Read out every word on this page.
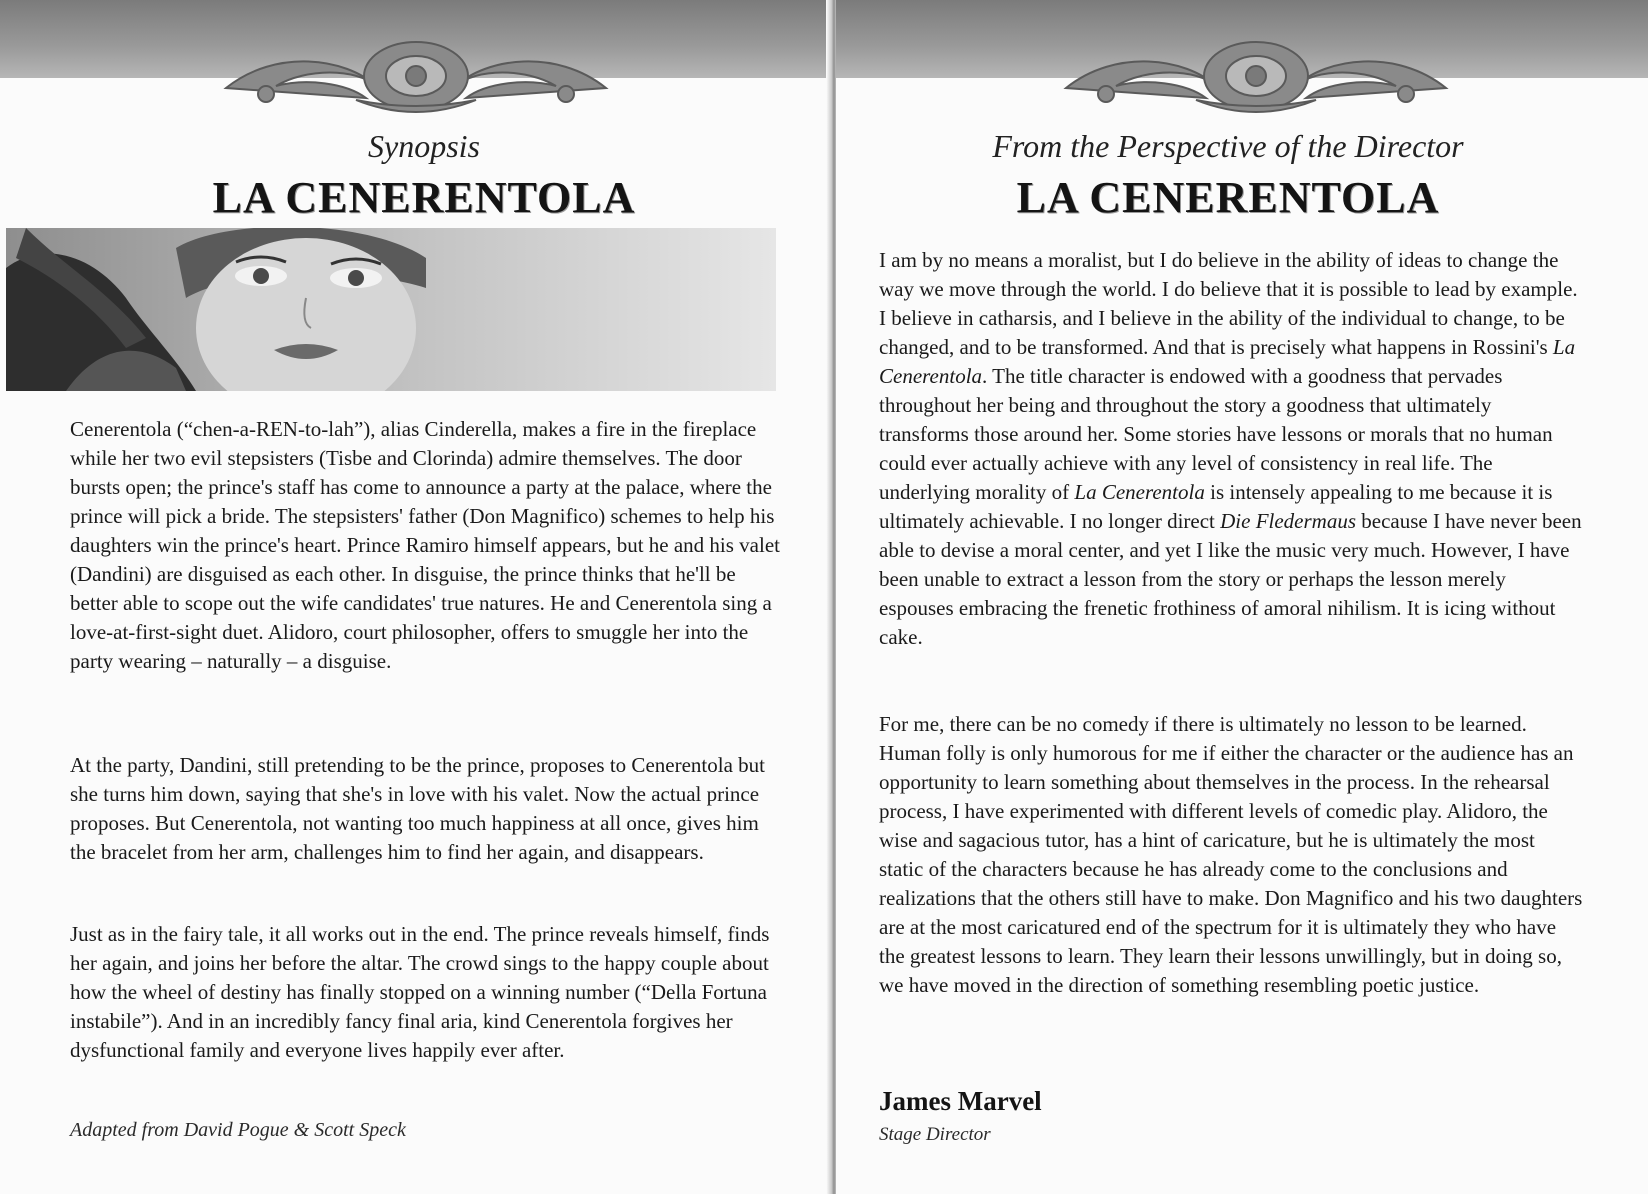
Synopsis
LA CENERENTOLA
Cenerentola (“chen-a-REN-to-lah”), alias Cinderella, makes a fire in the fireplace while her two evil stepsisters (Tisbe and Clorinda) admire themselves. The door bursts open; the prince's staff has come to announce a party at the palace, where the prince will pick a bride. The stepsisters' father (Don Magnifico) schemes to help his daughters win the prince's heart. Prince Ramiro himself appears, but he and his valet (Dandini) are disguised as each other. In disguise, the prince thinks that he'll be better able to scope out the wife candidates' true natures. He and Cenerentola sing a love-at-first-sight duet. Alidoro, court philosopher, offers to smuggle her into the party wearing – naturally – a disguise.
At the party, Dandini, still pretending to be the prince, proposes to Cenerentola but she turns him down, saying that she's in love with his valet. Now the actual prince proposes. But Cenerentola, not wanting too much happiness at all once, gives him the bracelet from her arm, challenges him to find her again, and disappears.
Just as in the fairy tale, it all works out in the end. The prince reveals himself, finds her again, and joins her before the altar. The crowd sings to the happy couple about how the wheel of destiny has finally stopped on a winning number (“Della Fortuna instabile”). And in an incredibly fancy final aria, kind Cenerentola forgives her dysfunctional family and everyone lives happily ever after.
Adapted from David Pogue & Scott Speck
From the Perspective of the Director
LA CENERENTOLA
I am by no means a moralist, but I do believe in the ability of ideas to change the way we move through the world. I do believe that it is possible to lead by example. I believe in catharsis, and I believe in the ability of the individual to change, to be changed, and to be transformed. And that is precisely what happens in Rossini's La Cenerentola. The title character is endowed with a goodness that pervades throughout her being and throughout the story a goodness that ultimately transforms those around her. Some stories have lessons or morals that no human could ever actually achieve with any level of consistency in real life. The underlying morality of La Cenerentola is intensely appealing to me because it is ultimately achievable. I no longer direct Die Fledermaus because I have never been able to devise a moral center, and yet I like the music very much. However, I have been unable to extract a lesson from the story or perhaps the lesson merely espouses embracing the frenetic frothiness of amoral nihilism. It is icing without cake.
For me, there can be no comedy if there is ultimately no lesson to be learned. Human folly is only humorous for me if either the character or the audience has an opportunity to learn something about themselves in the process. In the rehearsal process, I have experimented with different levels of comedic play. Alidoro, the wise and sagacious tutor, has a hint of caricature, but he is ultimately the most static of the characters because he has already come to the conclusions and realizations that the others still have to make. Don Magnifico and his two daughters are at the most caricatured end of the spectrum for it is ultimately they who have the greatest lessons to learn. They learn their lessons unwillingly, but in doing so, we have moved in the direction of something resembling poetic justice.
James Marvel
Stage Director
